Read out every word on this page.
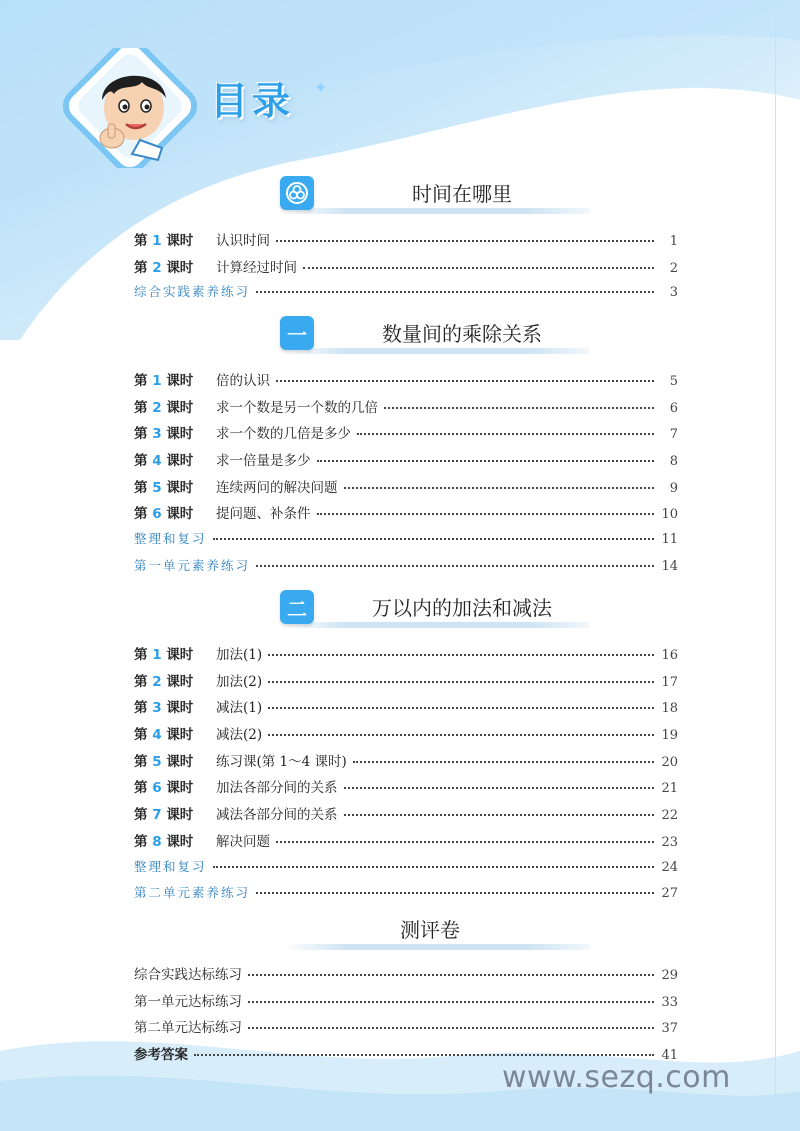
目录 ✦
时间在哪里
第 1 课时	认识时间	1
第 2 课时	计算经过时间	2
综合实践素养练习	3
一	数量间的乘除关系
第 1 课时	倍的认识	5
第 2 课时	求一个数是另一个数的几倍	6
第 3 课时	求一个数的几倍是多少	7
第 4 课时	求一倍量是多少	8
第 5 课时	连续两问的解决问题	9
第 6 课时	提问题、补条件	10
整理和复习	11
第一单元素养练习	14
二	万以内的加法和减法
第 1 课时	加法(1)	16
第 2 课时	加法(2)	17
第 3 课时	减法(1)	18
第 4 课时	减法(2)	19
第 5 课时	练习课(第 1～4 课时)	20
第 6 课时	加法各部分间的关系	21
第 7 课时	减法各部分间的关系	22
第 8 课时	解决问题	23
整理和复习	24
第二单元素养练习	27
测评卷
综合实践达标练习	29
第一单元达标练习	33
第二单元达标练习	37
参考答案	41
www.sezq.com
